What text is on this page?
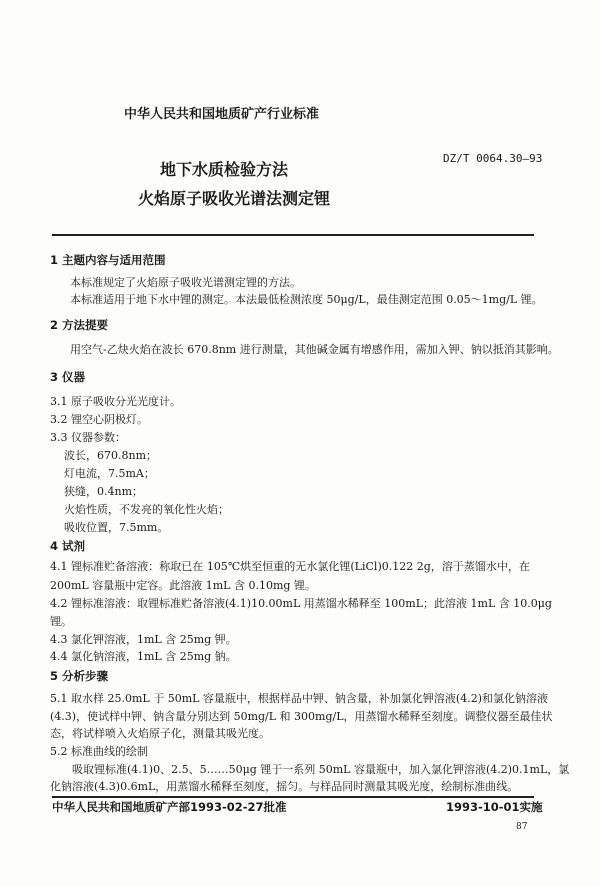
中华人民共和国地质矿产行业标准
地下水质检验方法
火焰原子吸收光谱法测定锂
DZ/T 0064.30—93
1 主题内容与适用范围
本标准规定了火焰原子吸收光谱测定锂的方法。
本标准适用于地下水中锂的测定。本法最低检测浓度 50μg/L，最佳测定范围 0.05～1mg/L 锂。
2 方法提要
用空气-乙炔火焰在波长 670.8nm 进行测量，其他碱金属有增感作用，需加入钾、钠以抵消其影响。
3 仪器
3.1 原子吸收分光光度计。
3.2 锂空心阴极灯。
3.3 仪器参数：
波长，670.8nm；
灯电流，7.5mA；
狭缝，0.4nm；
火焰性质，不发亮的氧化性火焰；
吸收位置，7.5mm。
4 试剂
4.1 锂标准贮备溶液：称取已在 105℃烘至恒重的无水氯化锂(LiCl)0.122 2g，溶于蒸馏水中，在
200mL 容量瓶中定容。此溶液 1mL 含 0.10mg 锂。
4.2 锂标准溶液：取锂标准贮备溶液(4.1)10.00mL 用蒸馏水稀释至 100mL；此溶液 1mL 含 10.0μg
锂。
4.3 氯化钾溶液，1mL 含 25mg 钾。
4.4 氯化钠溶液，1mL 含 25mg 钠。
5 分析步骤
5.1 取水样 25.0mL 于 50mL 容量瓶中，根据样品中钾、钠含量，补加氯化钾溶液(4.2)和氯化钠溶液
(4.3)，使试样中钾、钠含量分别达到 50mg/L 和 300mg/L，用蒸馏水稀释至刻度。调整仪器至最佳状
态，将试样喷入火焰原子化，测量其吸光度。
5.2 标准曲线的绘制
吸取锂标准(4.1)0、2.5、5……50μg 锂于一系列 50mL 容量瓶中，加入氯化钾溶液(4.2)0.1mL，氯
化钠溶液(4.3)0.6mL，用蒸馏水稀释至刻度，摇匀。与样品同时测量其吸光度，绘制标准曲线。
中华人民共和国地质矿产部1993-02-27批准	1993-10-01实施
87
